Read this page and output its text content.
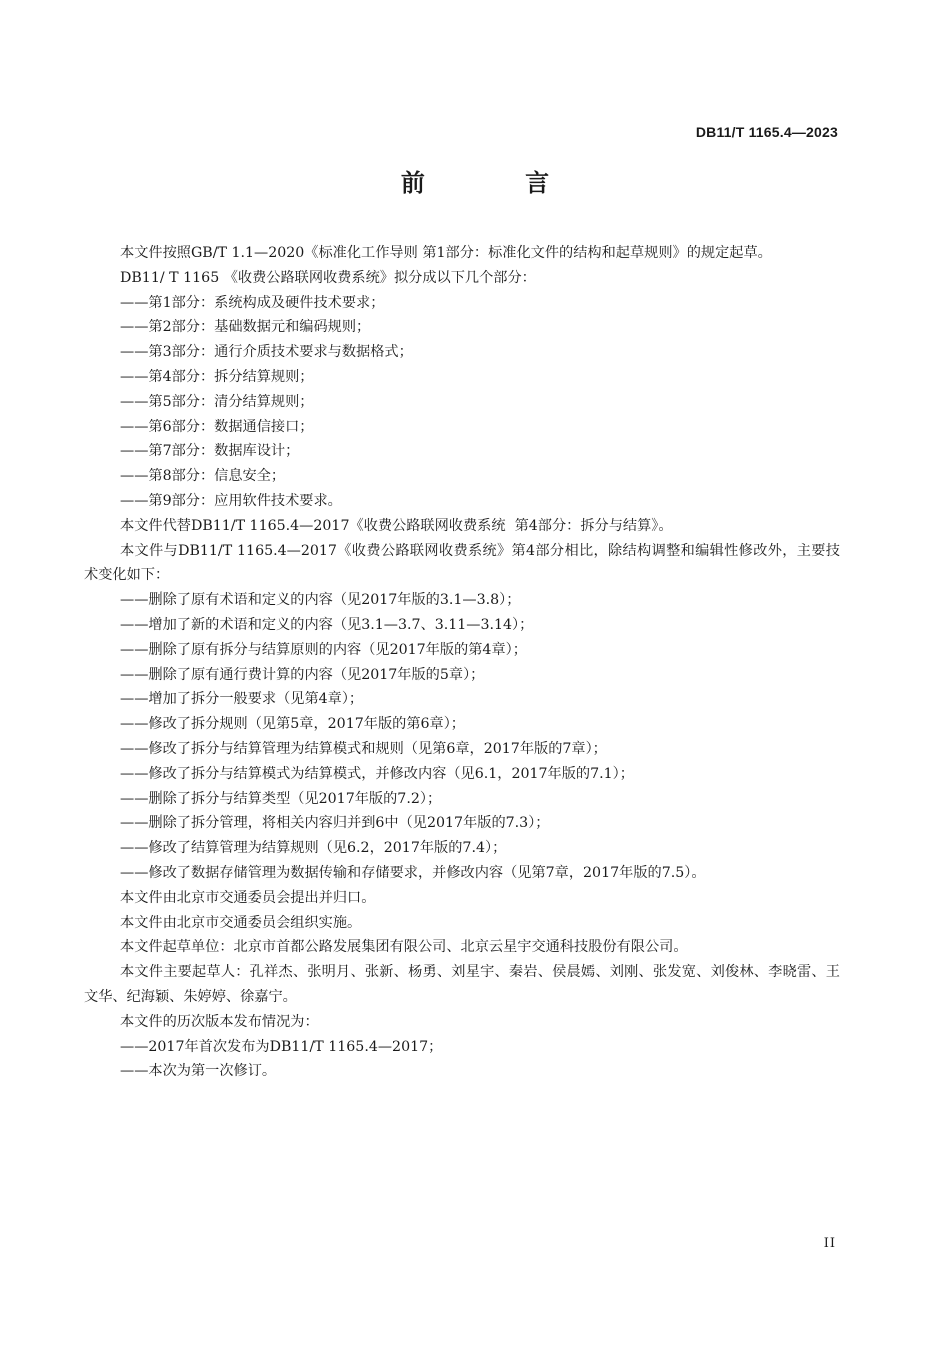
DB11/T 1165.4—2023
前 言

本文件按照GB/T 1.1—2020《标准化工作导则 第1部分：标准化文件的结构和起草规则》的规定起草。

DB11/ T 1165 《收费公路联网收费系统》拟分成以下几个部分：

——第1部分：系统构成及硬件技术要求；

——第2部分：基础数据元和编码规则；

——第3部分：通行介质技术要求与数据格式；

——第4部分：拆分结算规则；

——第5部分：清分结算规则；

——第6部分：数据通信接口；

——第7部分：数据库设计；

——第8部分：信息安全；

——第9部分：应用软件技术要求。

本文件代替DB11/T 1165.4—2017《收费公路联网收费系统  第4部分：拆分与结算》。

本文件与DB11/T 1165.4—2017《收费公路联网收费系统》第4部分相比，除结构调整和编辑性修改外，主要技术变化如下：

——删除了原有术语和定义的内容（见2017年版的3.1—3.8）；

——增加了新的术语和定义的内容（见3.1—3.7、3.11—3.14）；

——删除了原有拆分与结算原则的内容（见2017年版的第4章）；

——删除了原有通行费计算的内容（见2017年版的5章）；

——增加了拆分一般要求（见第4章）；

——修改了拆分规则（见第5章，2017年版的第6章）；

——修改了拆分与结算管理为结算模式和规则（见第6章，2017年版的7章）；

——修改了拆分与结算模式为结算模式，并修改内容（见6.1，2017年版的7.1）；

——删除了拆分与结算类型（见2017年版的7.2）；

——删除了拆分管理，将相关内容归并到6中（见2017年版的7.3）；

——修改了结算管理为结算规则（见6.2，2017年版的7.4）；

——修改了数据存储管理为数据传输和存储要求，并修改内容（见第7章，2017年版的7.5）。

本文件由北京市交通委员会提出并归口。

本文件由北京市交通委员会组织实施。

本文件起草单位：北京市首都公路发展集团有限公司、北京云星宇交通科技股份有限公司。

本文件主要起草人：孔祥杰、张明月、张新、杨勇、刘星宇、秦岩、侯晨嫣、刘刚、张发宽、刘俊林、李晓雷、王文华、纪海颖、朱婷婷、徐嘉宁。

本文件的历次版本发布情况为：

——2017年首次发布为DB11/T 1165.4—2017；

——本次为第一次修订。

II
